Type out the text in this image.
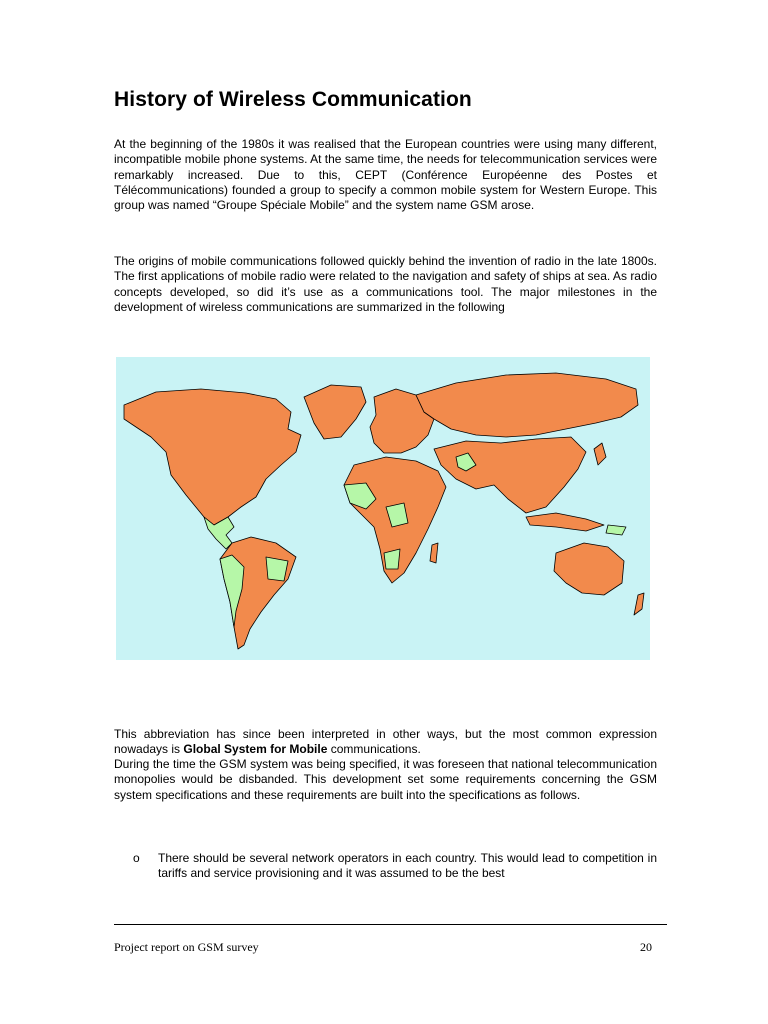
History of Wireless Communication

At the beginning of the 1980s it was realised that the European countries were using many different, incompatible mobile phone systems. At the same time, the needs for telecommunication services were remarkably increased. Due to this, CEPT (Conférence Européenne des Postes et Télécommunications) founded a group to specify a common mobile system for Western Europe. This group was named “Groupe Spéciale Mobile” and the system name GSM arose.

The origins of mobile communications followed quickly behind the invention of radio in the late 1800s. The first applications of mobile radio were related to the navigation and safety of ships at sea. As radio concepts developed, so did it’s use as a communications tool. The major milestones in the development of wireless communications are summarized in the following

This abbreviation has since been interpreted in other ways, but the most common expression nowadays is Global System for Mobile communications.

During the time the GSM system was being specified, it was foreseen that national telecommunication monopolies would be disbanded. This development set some requirements concerning the GSM system specifications and these requirements are built into the specifications as follows.

o There should be several network operators in each country. This would lead to competition in tariffs and service provisioning and it was assumed to be the best
Project report on GSM survey	20
